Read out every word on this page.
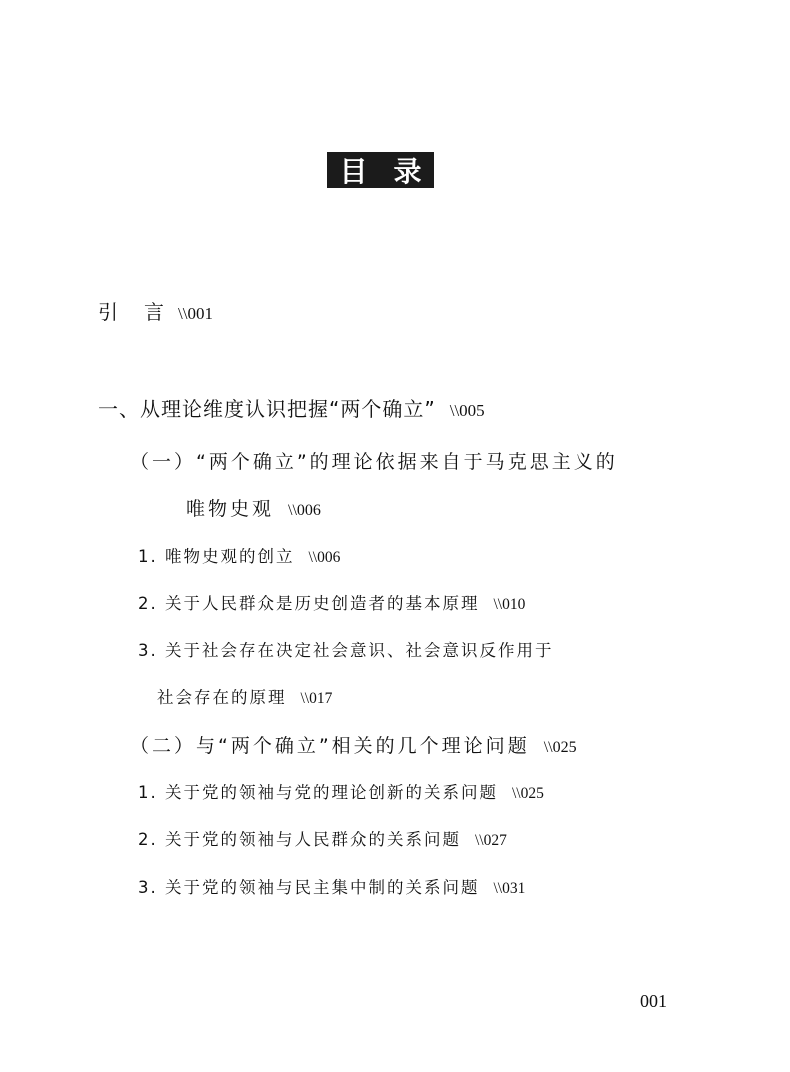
目 录
引 言 \\001
一、从理论维度认识把握“两个确立” \\005
（一）“两个确立”的理论依据来自于马克思主义的
唯物史观 \\006
1. 唯物史观的创立 \\006
2. 关于人民群众是历史创造者的基本原理 \\010
3. 关于社会存在决定社会意识、社会意识反作用于
社会存在的原理 \\017
（二）与“两个确立”相关的几个理论问题 \\025
1. 关于党的领袖与党的理论创新的关系问题 \\025
2. 关于党的领袖与人民群众的关系问题 \\027
3. 关于党的领袖与民主集中制的关系问题 \\031
001
